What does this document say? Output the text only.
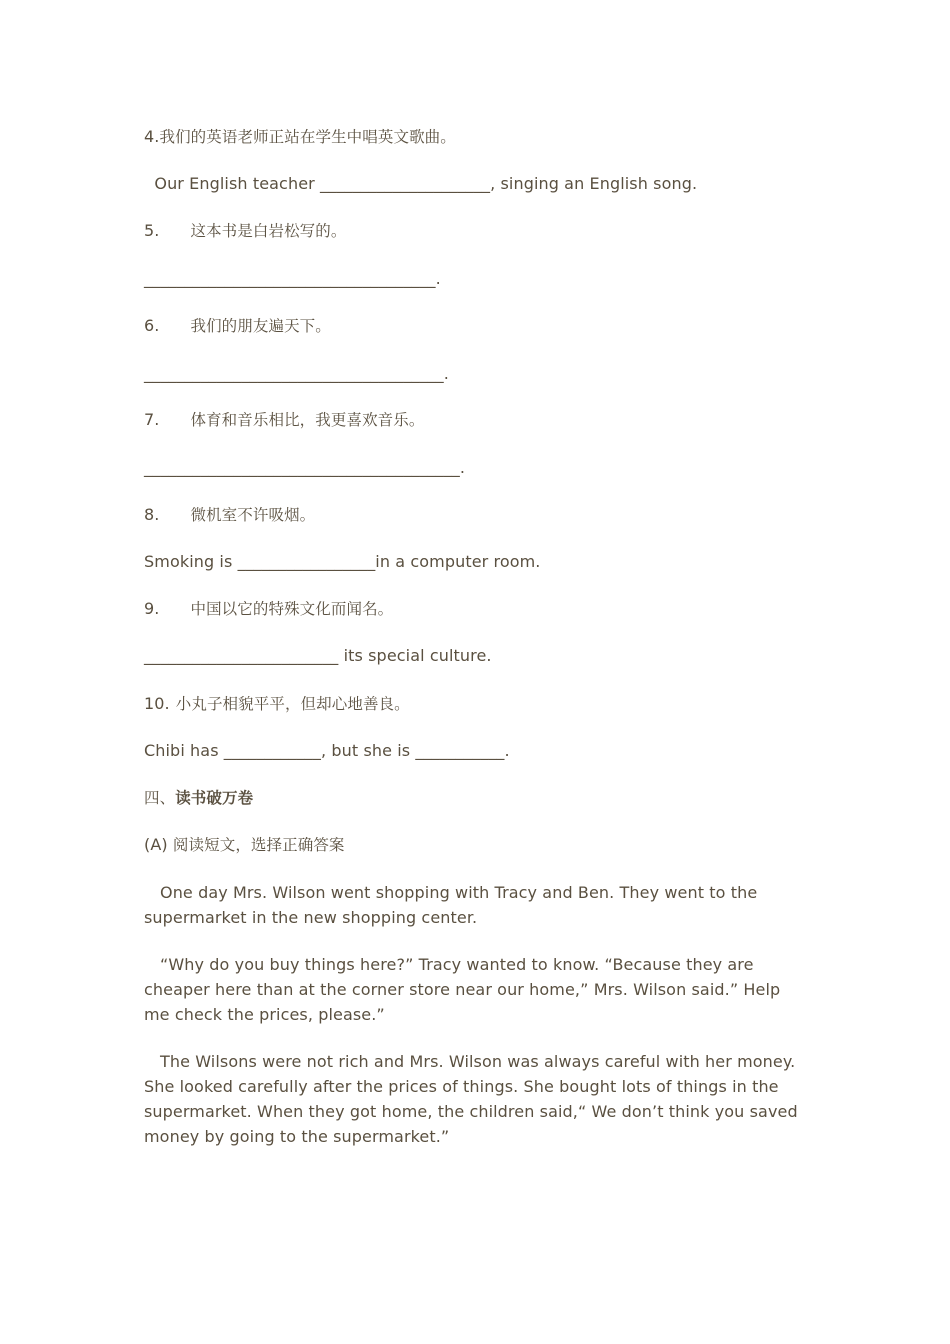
4.我们的英语老师正站在学生中唱英文歌曲。
Our English teacher _____________________, singing an English song.
5. 这本书是白岩松写的。
____________________________________.
6. 我们的朋友遍天下。
_____________________________________.
7. 体育和音乐相比，我更喜欢音乐。
_______________________________________.
8. 微机室不许吸烟。
Smoking is _________________in a computer room.
9. 中国以它的特殊文化而闻名。
________________________ its special culture.
10. 小丸子相貌平平，但却心地善良。
Chibi has ____________, but she is ___________.
四、读书破万卷
(A) 阅读短文，选择正确答案
One day Mrs. Wilson went shopping with Tracy and Ben. They went to the supermarket in the new shopping center.
“Why do you buy things here?” Tracy wanted to know. “Because they are cheaper here than at the corner store near our home,” Mrs. Wilson said.” Help me check the prices, please.”
The Wilsons were not rich and Mrs. Wilson was always careful with her money. She looked carefully after the prices of things. She bought lots of things in the supermarket. When they got home, the children said,“ We don’t think you saved money by going to the supermarket.”
